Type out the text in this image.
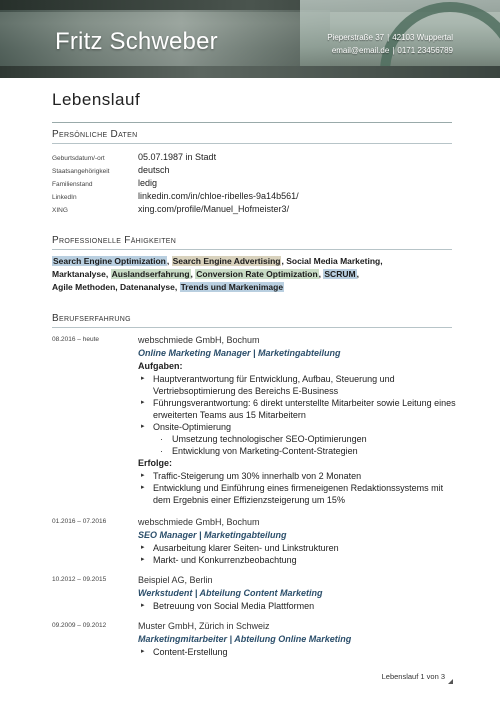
Fritz Schweber	Pieperstraße 37 | 42103 Wuppertal
email@email.de | 0171 23456789
Lebenslauf
Persönliche Daten
Geburtsdatum/-ort	05.07.1987 in Stadt
Staatsangehörigkeit	deutsch
Familienstand	ledig
LinkedIn	linkedin.com/in/chloe-ribelles-9a14b561/
XING	xing.com/profile/Manuel_Hofmeister3/
Professionelle Fähigkeiten
Search Engine Optimization, Search Engine Advertising, Social Media Marketing,
Marktanalyse, Auslandserfahrung, Conversion Rate Optimization, SCRUM,
Agile Methoden, Datenanalyse, Trends und Markenimage
Berufserfahrung
08.2016 – heute	webschmiede GmbH, Bochum
Online Marketing Manager | Marketingabteilung
Aufgaben:
▸ Hauptverantwortung für Entwicklung, Aufbau, Steuerung und Vertriebsoptimierung des Bereichs E-Business
▸ Führungsverantwortung: 6 direkt unterstellte Mitarbeiter sowie Leitung eines erweiterten Teams aus 15 Mitarbeitern
▸ Onsite-Optimierung
· Umsetzung technologischer SEO-Optimierungen
· Entwicklung von Marketing-Content-Strategien
Erfolge:
▸ Traffic-Steigerung um 30% innerhalb von 2 Monaten
▸ Entwicklung und Einführung eines firmeneigenen Redaktionssystems mit dem Ergebnis einer Effizienzsteigerung um 15%
01.2016 – 07.2016	webschmiede GmbH, Bochum
SEO Manager | Marketingabteilung
▸ Ausarbeitung klarer Seiten- und Linkstrukturen
▸ Markt- und Konkurrenzbeobachtung
10.2012 – 09.2015	Beispiel AG, Berlin
Werkstudent | Abteilung Content Marketing
▸ Betreuung von Social Media Plattformen
09.2009 – 09.2012	Muster GmbH, Zürich in Schweiz
Marketingmitarbeiter | Abteilung Online Marketing
▸ Content-Erstellung
Lebenslauf 1 von 3
